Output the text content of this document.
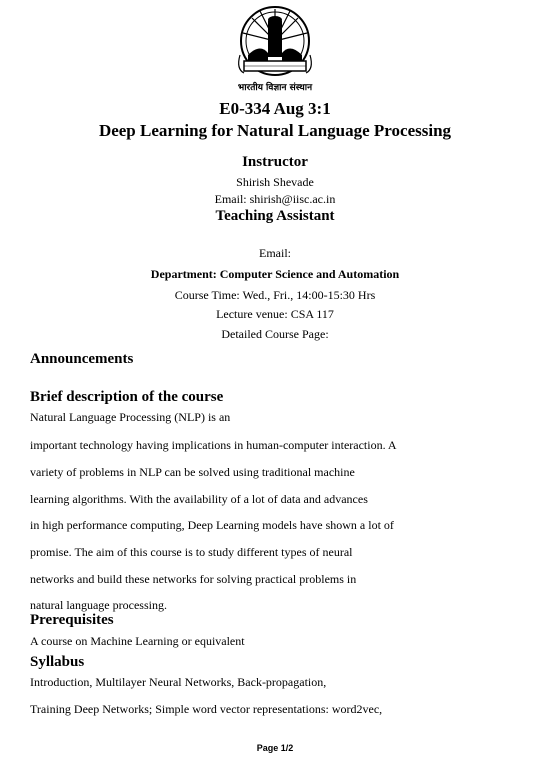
भारतीय विज्ञान संस्थान
E0-334 Aug 3:1
Deep Learning for Natural Language Processing
Instructor
Shirish Shevade
Email: shirish@iisc.ac.in
Teaching Assistant
Email:
Department: Computer Science and Automation
Course Time: Wed., Fri., 14:00-15:30 Hrs
Lecture venue: CSA 117
Detailed Course Page:
Announcements
Brief description of the course
Natural Language Processing (NLP) is an
important technology having implications in human-computer interaction. A
variety of problems in NLP can be solved using traditional machine
learning algorithms. With the availability of a lot of data and advances
in high performance computing, Deep Learning models have shown a lot of
promise. The aim of this course is to study different types of neural
networks and build these networks for solving practical problems in
natural language processing.
Prerequisites
A course on Machine Learning or equivalent
Syllabus
Introduction, Multilayer Neural Networks, Back-propagation,
Training Deep Networks; Simple word vector representations: word2vec,
Page 1/2
